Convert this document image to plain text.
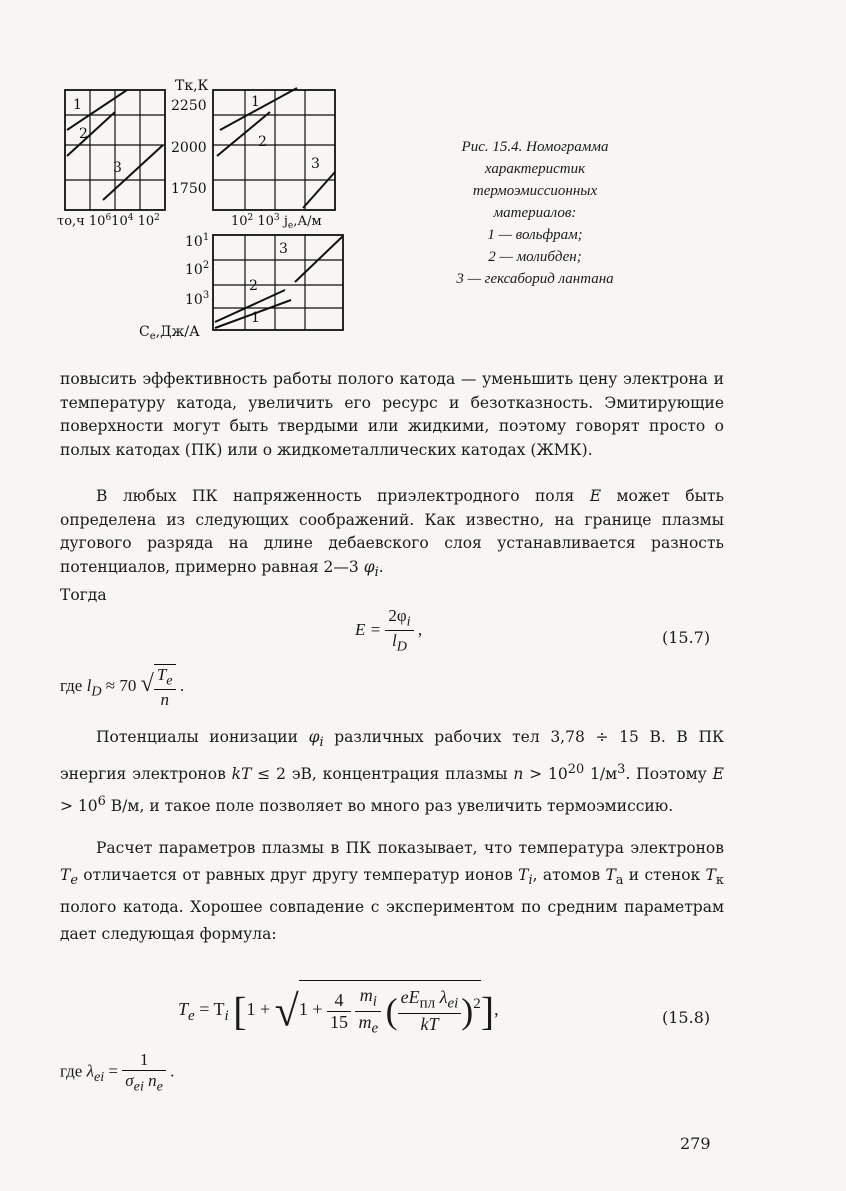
Тк,К
2250
2000
1750
1
2
3
1
2
3
3
2
1
τо,ч $10^610^4$ $10^2$	$10^2$ $10^3$ $j_e,А/м$
$10^1$
$10^2$
$10^3$
$C_e,Дж/А$
Рис. 15.4. Номограмма
характеристик
термоэмиссионных
материалов:
1 — вольфрам;
2 — молибден;
3 — гексаборид лантана
повысить эффективность работы полого катода — уменьшить цену электрона и температуру катода, увеличить его ресурс и безотказность. Эмитирующие поверхности могут быть твердыми или жидкими, поэтому говорят просто о полых катодах (ПК) или о жидкометаллических катодах (ЖМК).
В любых ПК напряженность приэлектродного поля E может быть определена из следующих соображений. Как известно, на границе плазмы дугового разряда на длине дебаевского слоя устанавливается разность потенциалов, примерно равная 2—3 $\varphi_i$.
Тогда
$E = \frac{2\varphi_i}{l_D}$ ,	(15.7)
где $l_D \approx 70$ √ $\frac{T_e}{n}$ .
Потенциалы ионизации $\varphi_i$ различных рабочих тел 3,78 ÷ 15 В. В ПК энергия электронов kT ≤ 2 эВ, концентрация плазмы $n > 10^{20}$ $1/м^3$. Поэтому $E > 10^6$ В/м, и такое поле позволяет во много раз увеличить термоэмиссию.
Расчет параметров плазмы в ПК показывает, что температура электронов $T_e$ отличается от равных друг другу температур ионов $T_i$, атомов $T_а$ и стенок $T_к$ полого катода. Хорошее совпадение с экспериментом по средним параметрам дает следующая формула:
$T_e = T_i$ [$1 + √1 + \frac{4}{15}$
$\frac{m_i}{m_e}$ ( $\frac{eE_{пл} \lambda_{ei}}{kT} )^2$],	(15.8)
где $\lambda_{ei} = \frac{1}{\sigma_{ei} n_e}$ .
279
